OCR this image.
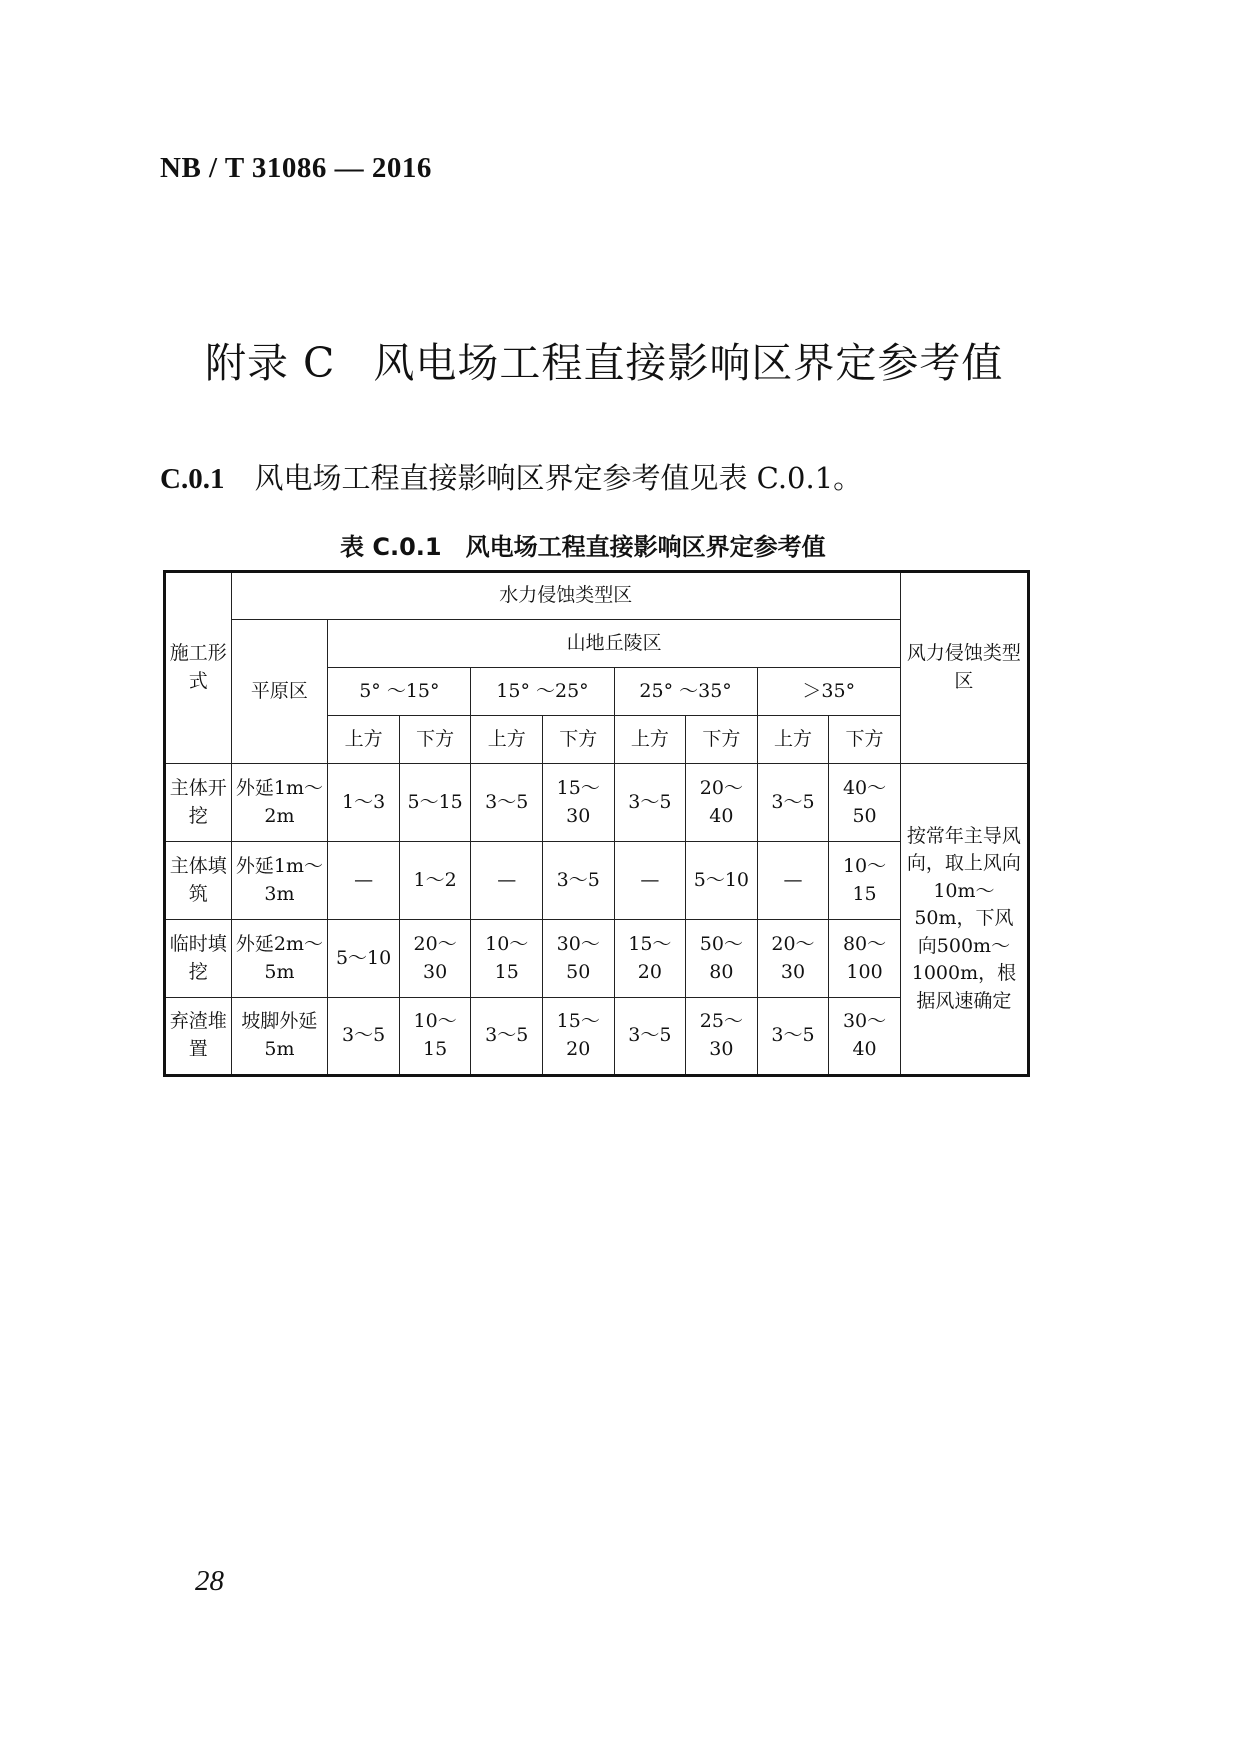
NB / T 31086 — 2016
附录 C 风电场工程直接影响区界定参考值
C.0.1 风电场工程直接影响区界定参考值见表 C.0.1。
表 C.0.1 风电场工程直接影响区界定参考值
施工形式	水力侵蚀类型区									风力侵蚀类型区
	平原区	山地丘陵区								
		5° ～15°		15° ～25°		25° ～35°		＞35°		
		上方	下方	上方	下方	上方	下方	上方	下方	
主体开挖	外延1m～2m	1～3	5～15	3～5	15～30	3～5	20～40	3～5	40～50	按常年主导风向，取上风向10m～50m，下风向500m～1000m，根据风速确定
主体填筑	外延1m～3m	—	1～2	—	3～5	—	5～10	—	10～15	
临时填挖	外延2m～5m	5～10	20～30	10～15	30～50	15～20	50～80	20～30	80～100	
弃渣堆置	坡脚外延5m	3～5	10～15	3～5	15～20	3～5	25～30	3～5	30～40	
28
